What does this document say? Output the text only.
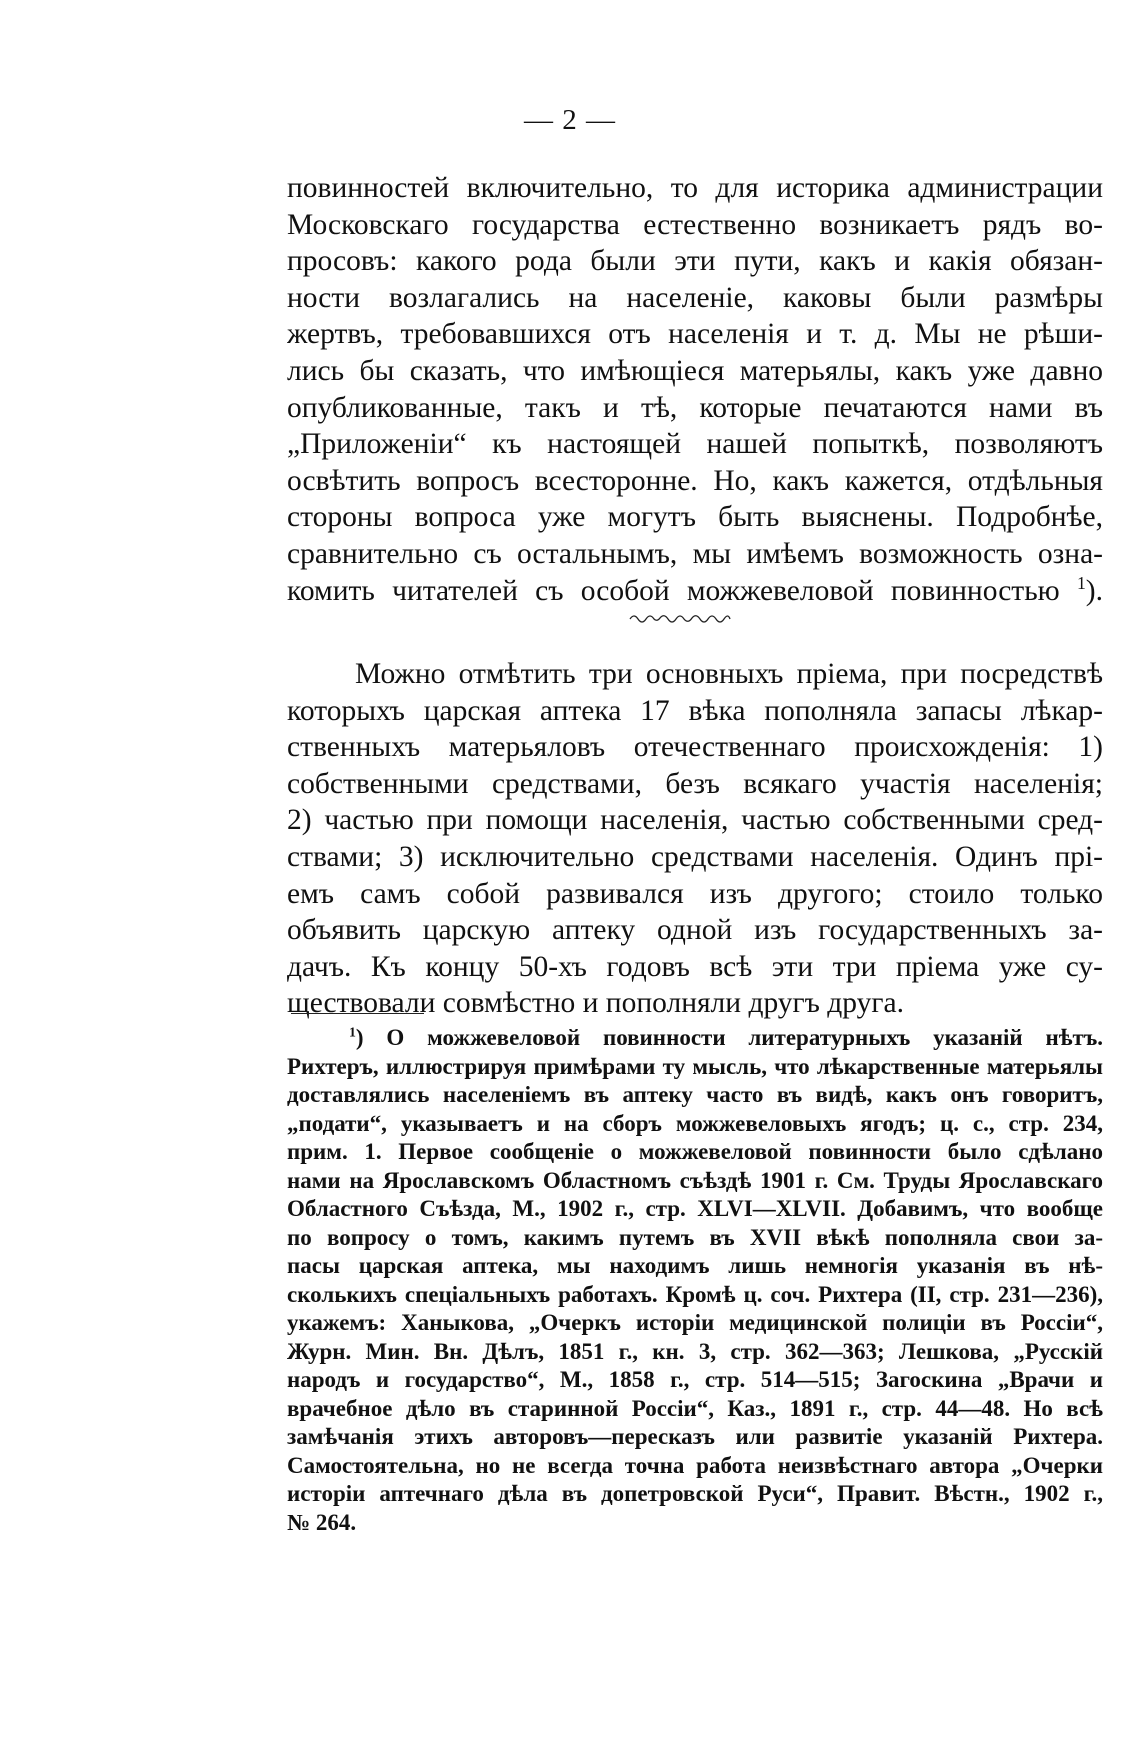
— 2 —
повинностей включительно, то для историка администрации
Московскаго государства естественно возникаетъ рядъ во-
просовъ: какого рода были эти пути, какъ и какія обязан-
ности возлагались на населеніе, каковы были размѣры
жертвъ, требовавшихся отъ населенія и т. д. Мы не рѣши-
лись бы сказать, что имѣющіеся матерьялы, какъ уже давно
опубликованные, такъ и тѣ, которые печатаются нами въ
„Приложеніи“ къ настоящей нашей попыткѣ, позволяютъ
освѣтить вопросъ всесторонне. Но, какъ кажется, отдѣльныя
стороны вопроса уже могутъ быть выяснены. Подробнѣе,
сравнительно съ остальнымъ, мы имѣемъ возможность озна-
комить читателей съ особой можжевеловой повинностью $^1$).
Можно отмѣтить три основныхъ пріема, при посредствѣ
которыхъ царская аптека 17 вѣка пополняла запасы лѣкар-
ственныхъ матерьяловъ отечественнаго происхожденія: 1)
собственными средствами, безъ всякаго участія населенія;
2) частью при помощи населенія, частью собственными сред-
ствами; 3) исключительно средствами населенія. Одинъ прі-
емъ самъ собой развивался изъ другого; стоило только
объявить царскую аптеку одной изъ государственныхъ за-
дачъ. Къ концу 50-хъ годовъ всѣ эти три пріема уже су-
ществовали совмѣстно и пополняли другъ друга.
$^1$) О можжевеловой повинности литературныхъ указаній нѣтъ.
Рихтеръ, иллюстрируя примѣрами ту мысль, что лѣкарственные матерьялы
доставлялись населеніемъ въ аптеку часто въ видѣ, какъ онъ говоритъ,
„подати“, указываетъ и на сборъ можжевеловыхъ ягодъ; ц. с., стр. 234,
прим. 1. Первое сообщеніе о можжевеловой повинности было сдѣлано
нами на Ярославскомъ Областномъ съѣздѣ 1901 г. См. Труды Ярославскаго
Областного Съѣзда, М., 1902 г., стр. XLVI—XLVII. Добавимъ, что вообще
по вопросу о томъ, какимъ путемъ въ XVII вѣкѣ пополняла свои за-
пасы царская аптека, мы находимъ лишь немногія указанія въ нѣ-
сколькихъ спеціальныхъ работахъ. Кромѣ ц. соч. Рихтера (II, стр. 231—236),
укажемъ: Ханыкова, „Очеркъ исторіи медицинской полиціи въ Россіи“,
Журн. Мин. Вн. Дѣлъ, 1851 г., кн. 3, стр. 362—363; Лешкова, „Русскій
народъ и государство“, М., 1858 г., стр. 514—515; Загоскина „Врачи и
врачебное дѣло въ старинной Россіи“, Каз., 1891 г., стр. 44—48. Но всѣ
замѣчанія этихъ авторовъ—пересказъ или развитіе указаній Рихтера.
Самостоятельна, но не всегда точна работа неизвѣстнаго автора „Очерки
исторіи аптечнаго дѣла въ допетровской Руси“, Правит. Вѣстн., 1902 г.,
№ 264.
